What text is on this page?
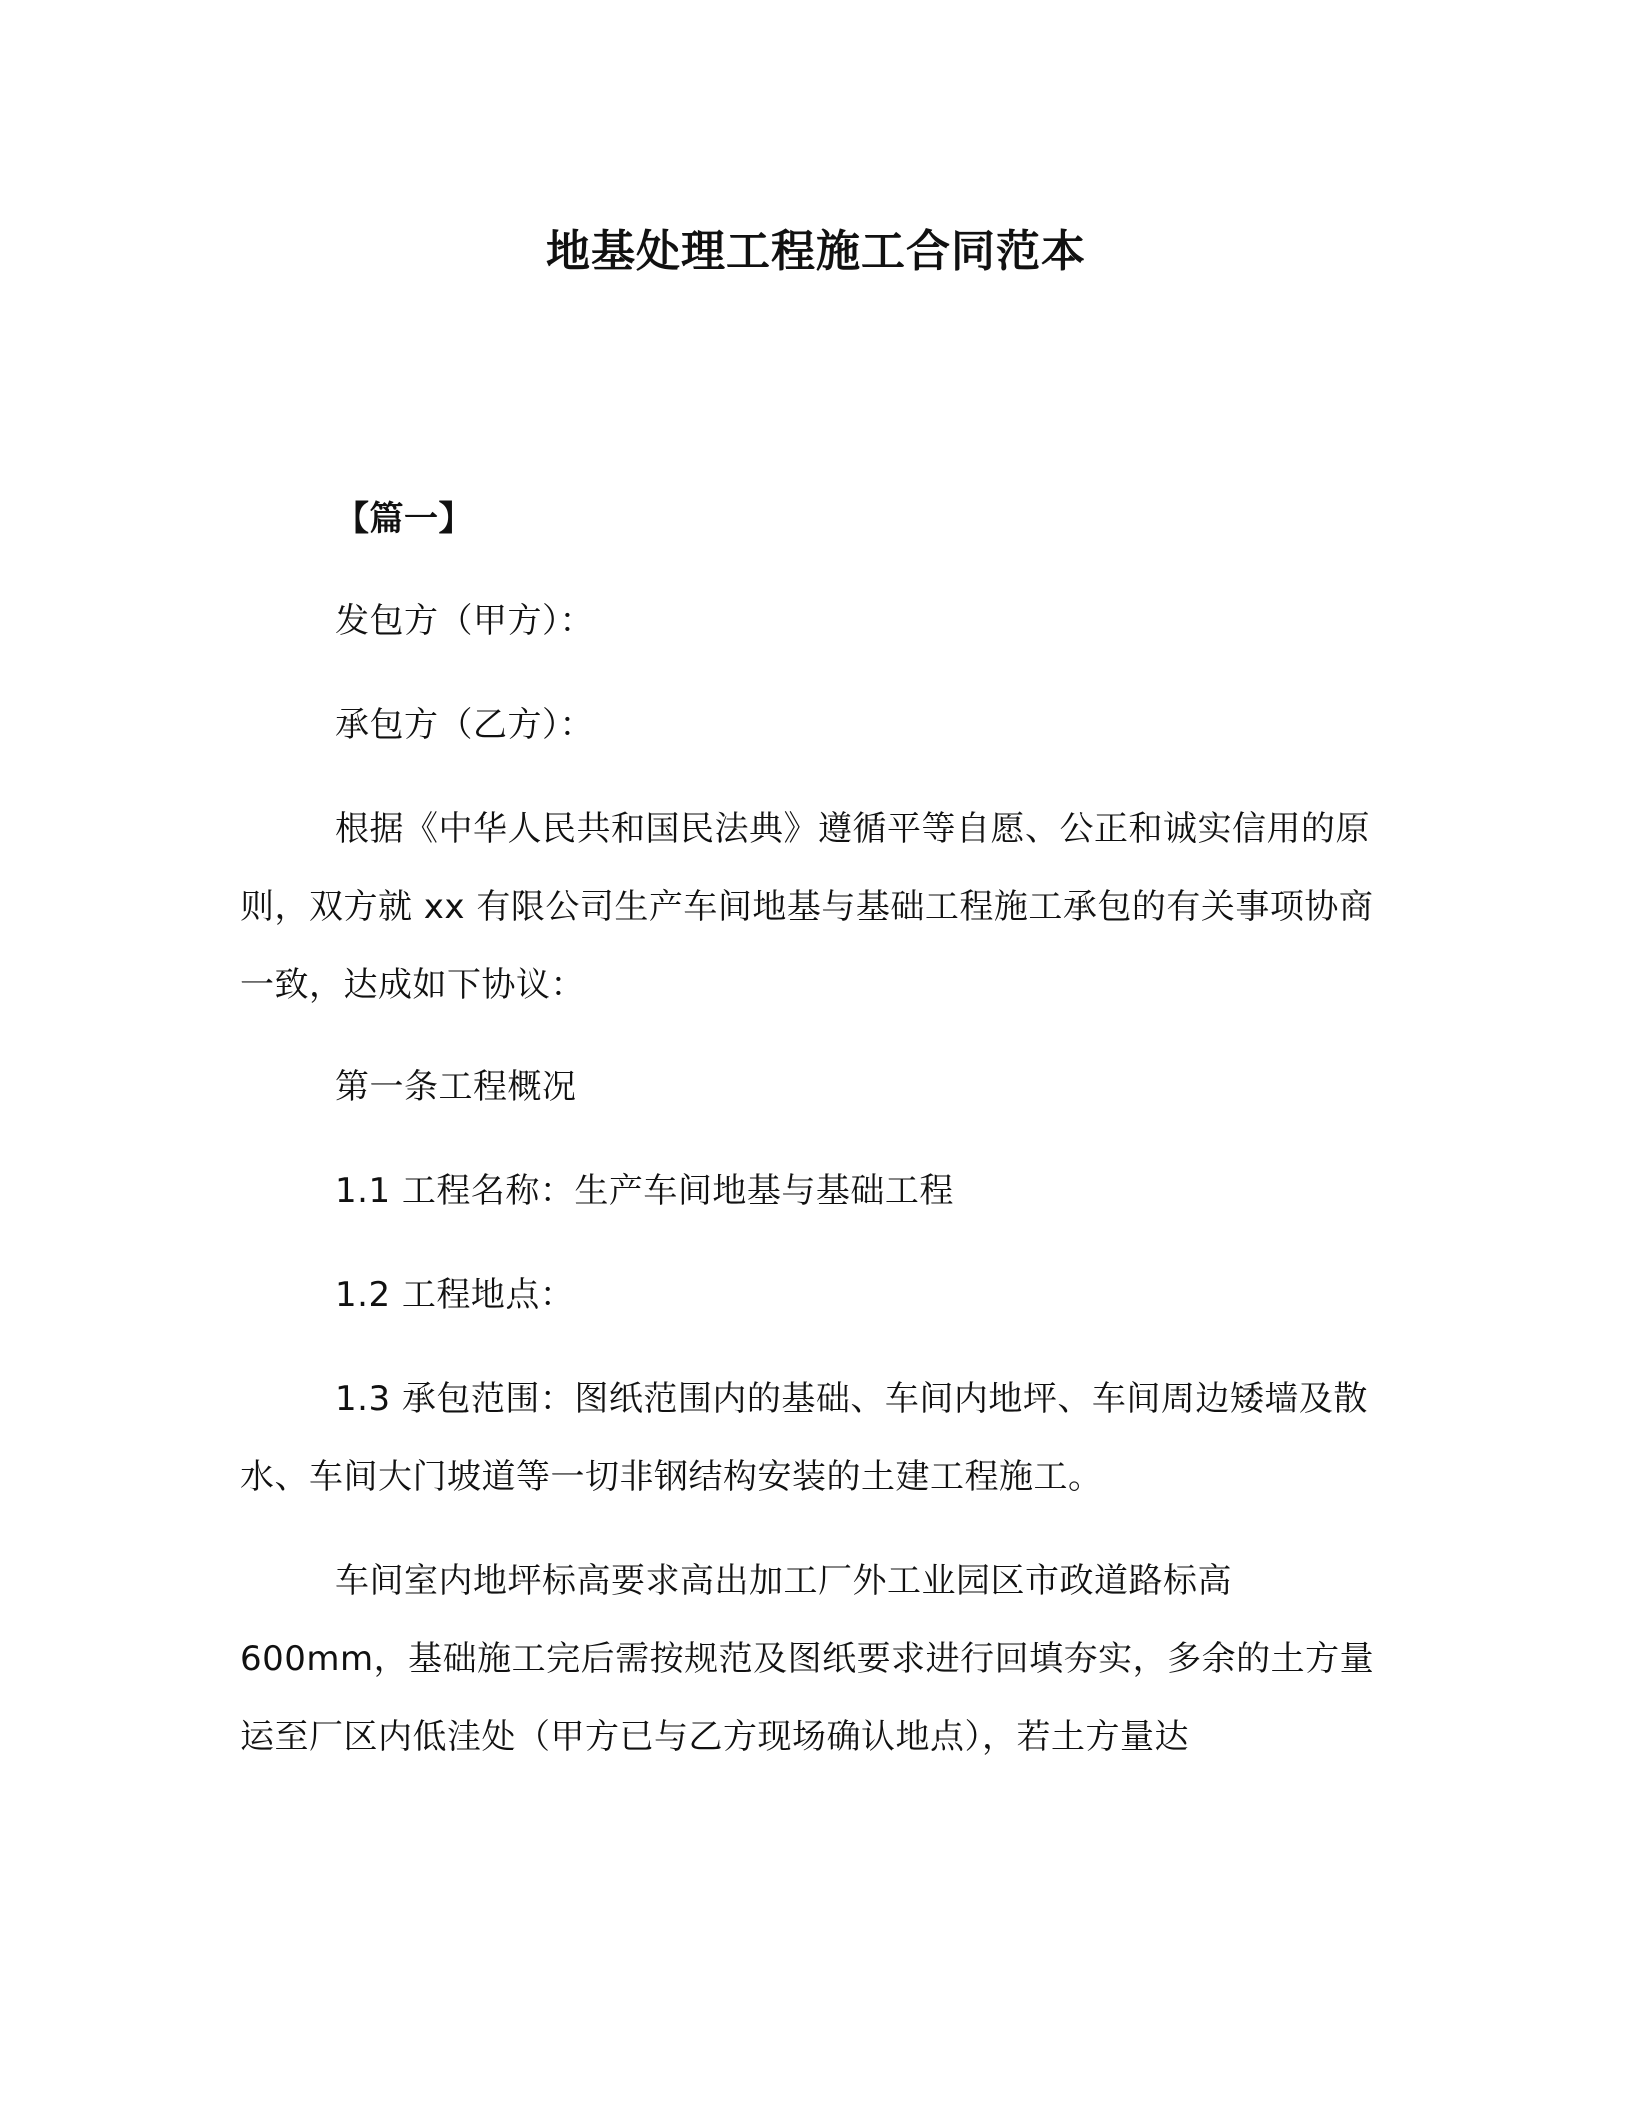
地基处理工程施工合同范本
【篇一】
发包方（甲方）：
承包方（乙方）：
根据《中华人民共和国民法典》遵循平等自愿、公正和诚实信用的原则，双方就 xx 有限公司生产车间地基与基础工程施工承包的有关事项协商一致，达成如下协议：
第一条工程概况
1.1 工程名称：生产车间地基与基础工程
1.2 工程地点：
1.3 承包范围：图纸范围内的基础、车间内地坪、车间周边矮墙及散水、车间大门坡道等一切非钢结构安装的土建工程施工。
车间室内地坪标高要求高出加工厂外工业园区市政道路标高600mm，基础施工完后需按规范及图纸要求进行回填夯实，多余的土方量运至厂区内低洼处（甲方已与乙方现场确认地点），若土方量达
